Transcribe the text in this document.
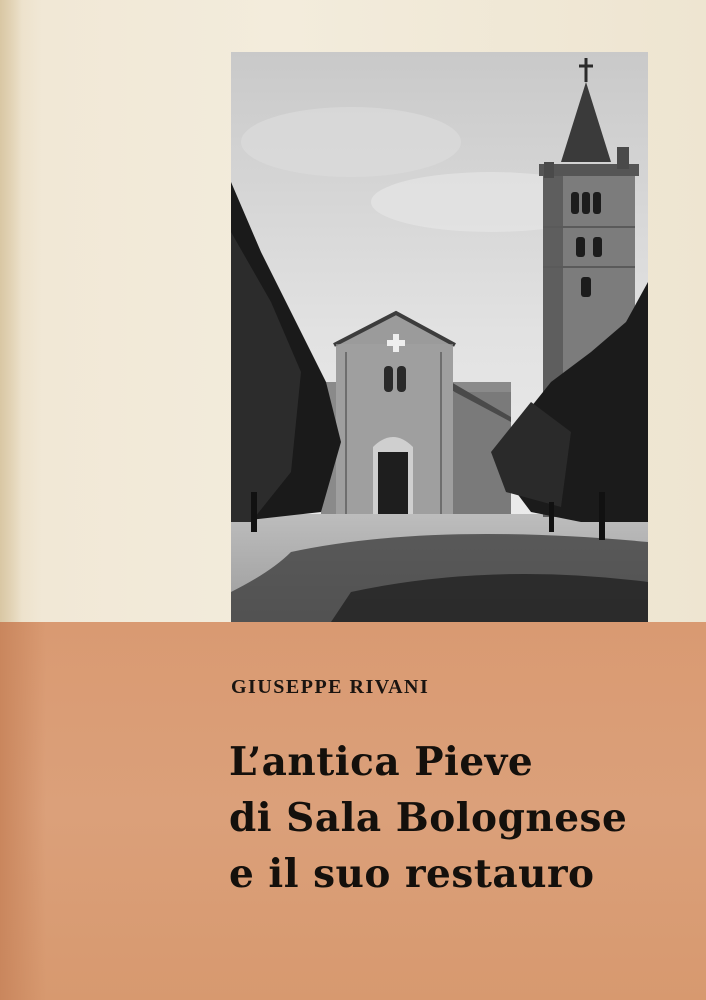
GIUSEPPE RIVANI

L’antica Pieve
di Sala Bolognese
e il suo restauro
